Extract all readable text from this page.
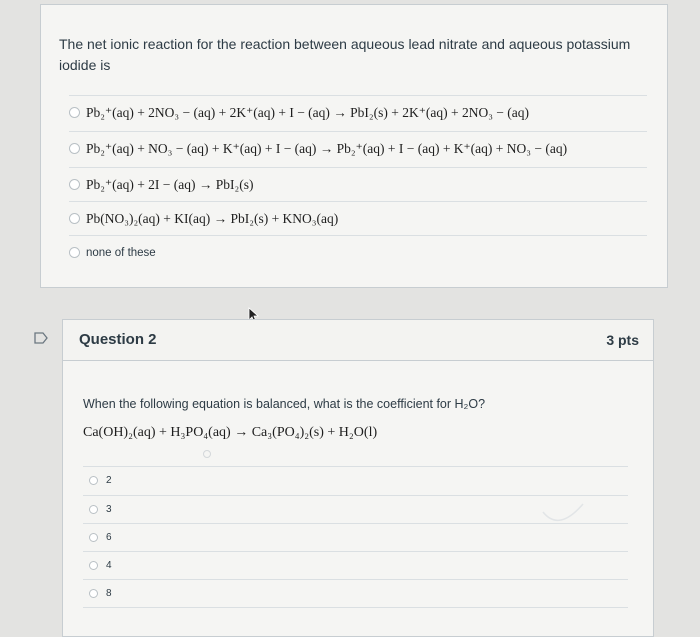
The net ionic reaction for the reaction between aqueous lead nitrate and aqueous potassium iodide is
Pb₂⁺(aq) + 2NO₃ − (aq) + 2K⁺(aq) + I − (aq) → PbI₂(s) + 2K⁺(aq) + 2NO₃ − (aq)
Pb₂⁺(aq) + NO₃ − (aq) + K⁺(aq) + I − (aq) → Pb₂⁺(aq) + I − (aq) + K⁺(aq) + NO₃ − (aq)
Pb₂⁺(aq) + 2I − (aq) → PbI₂(s)
Pb(NO₃)₂(aq) + KI(aq) → PbI₂(s) + KNO₃(aq)
none of these
Question 2	3 pts
When the following equation is balanced, what is the coefficient for H₂O?
Ca(OH)₂(aq) + H₃PO₄(aq) → Ca₃(PO₄)₂(s) + H₂O(l)
2
3
6
4
8
